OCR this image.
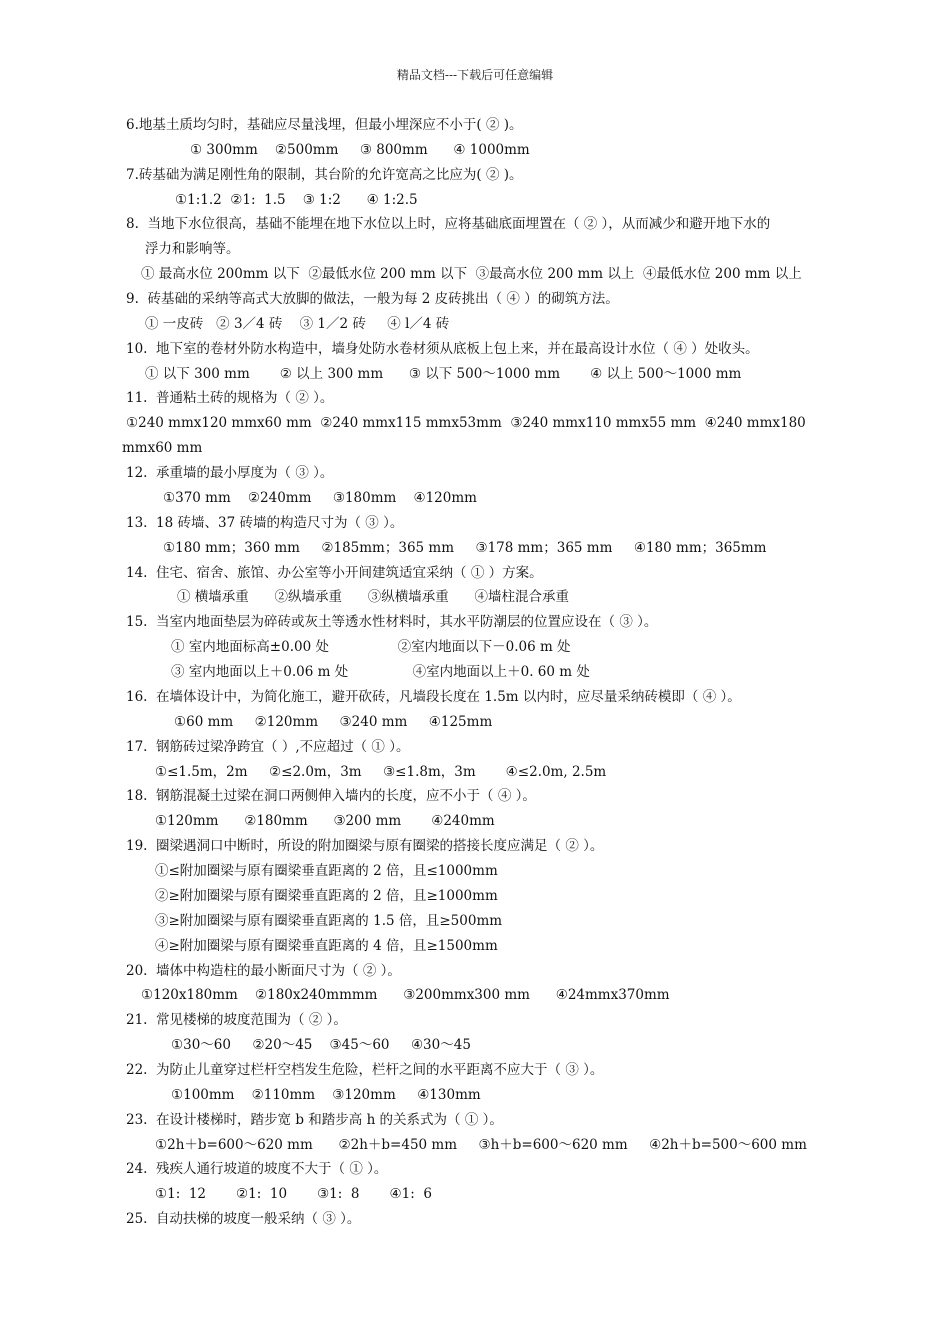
精品文档---下载后可任意编辑
6.地基土质均匀时，基础应尽量浅埋，但最小埋深应不小于( ② )。
① 300mm    ②500mm     ③ 800mm      ④ 1000mm
7.砖基础为满足刚性角的限制，其台阶的允许宽高之比应为( ② )。
①1:1.2  ②1:  1.5    ③ 1:2      ④ 1:2.5
8.  当地下水位很高，基础不能埋在地下水位以上时，应将基础底面埋置在（ ② ），从而减少和避开地下水的
浮力和影响等。
① 最高水位 200mm 以下  ②最低水位 200 mm 以下  ③最高水位 200 mm 以上  ④最低水位 200 mm 以上
9.  砖基础的采纳等高式大放脚的做法，一般为每 2 皮砖挑出（ ④ ）的砌筑方法。
① 一皮砖   ② 3／4 砖    ③ 1／2 砖     ④ l／4 砖
10.  地下室的卷材外防水构造中，墙身处防水卷材须从底板上包上来，并在最高设计水位（ ④ ）处收头。
① 以下 300 mm       ② 以上 300 mm      ③ 以下 500～1000 mm       ④ 以上 500～1000 mm
11.  普通粘土砖的规格为（ ② ）。
①240 mmx120 mmx60 mm  ②240 mmx115 mmx53mm  ③240 mmx110 mmx55 mm  ④240 mmx180
mmx60 mm
12.  承重墙的最小厚度为（ ③ ）。
①370 mm    ②240mm     ③180mm    ④120mm
13.  18 砖墙、37 砖墙的构造尺寸为（ ③ ）。
①180 mm；360 mm     ②185mm；365 mm     ③178 mm；365 mm     ④180 mm；365mm
14.  住宅、宿舍、旅馆、办公室等小开间建筑适宜采纳（ ① ）方案。
① 横墙承重      ②纵墙承重      ③纵横墙承重      ④墙柱混合承重
15.  当室内地面垫层为碎砖或灰土等透水性材料时，其水平防潮层的位置应设在（ ③ ）。
① 室内地面标高±0.00 处                ②室内地面以下－0.06 m 处
③ 室内地面以上＋0.06 m 处               ④室内地面以上＋0. 60 m 处
16.  在墙体设计中，为简化施工，避开砍砖，凡墙段长度在 1.5m 以内时，应尽量采纳砖模即（ ④ ）。
①60 mm     ②120mm     ③240 mm     ④125mm
17.  钢筋砖过梁净跨宜（ ）,不应超过（ ① ）。
①≤1.5m，2m     ②≤2.0m，3m     ③≤1.8m，3m       ④≤2.0m, 2.5m
18.  钢筋混凝土过梁在洞口两侧伸入墙内的长度，应不小于（ ④ ）。
①120mm      ②180mm      ③200 mm       ④240mm
19.  圈梁遇洞口中断时，所设的附加圈梁与原有圈梁的搭接长度应满足（ ② ）。
①≤附加圈梁与原有圈梁垂直距离的 2 倍，且≤1000mm
②≥附加圈梁与原有圈梁垂直距离的 2 倍，且≥1000mm
③≥附加圈梁与原有圈梁垂直距离的 1.5 倍，且≥500mm
④≥附加圈梁与原有圈梁垂直距离的 4 倍，且≥1500mm
20.  墙体中构造柱的最小断面尺寸为（ ② ）。
①120x180mm    ②180x240mmmm      ③200mmx300 mm      ④24mmx370mm
21.  常见楼梯的坡度范围为（ ② ）。
①30～60     ②20～45    ③45～60     ④30～45
22.  为防止儿童穿过栏杆空档发生危险，栏杆之间的水平距离不应大于（ ③ ）。
①100mm    ②110mm    ③120mm     ④130mm
23.  在设计楼梯时，踏步宽 b 和踏步高 h 的关系式为（ ① ）。
①2h＋b=600～620 mm      ②2h＋b=450 mm     ③h＋b=600～620 mm     ④2h＋b=500～600 mm
24.  残疾人通行坡道的坡度不大于（ ① ）。
①1:  12       ②1:  10       ③1:  8       ④1:  6
25.  自动扶梯的坡度一般采纳（ ③ ）。
